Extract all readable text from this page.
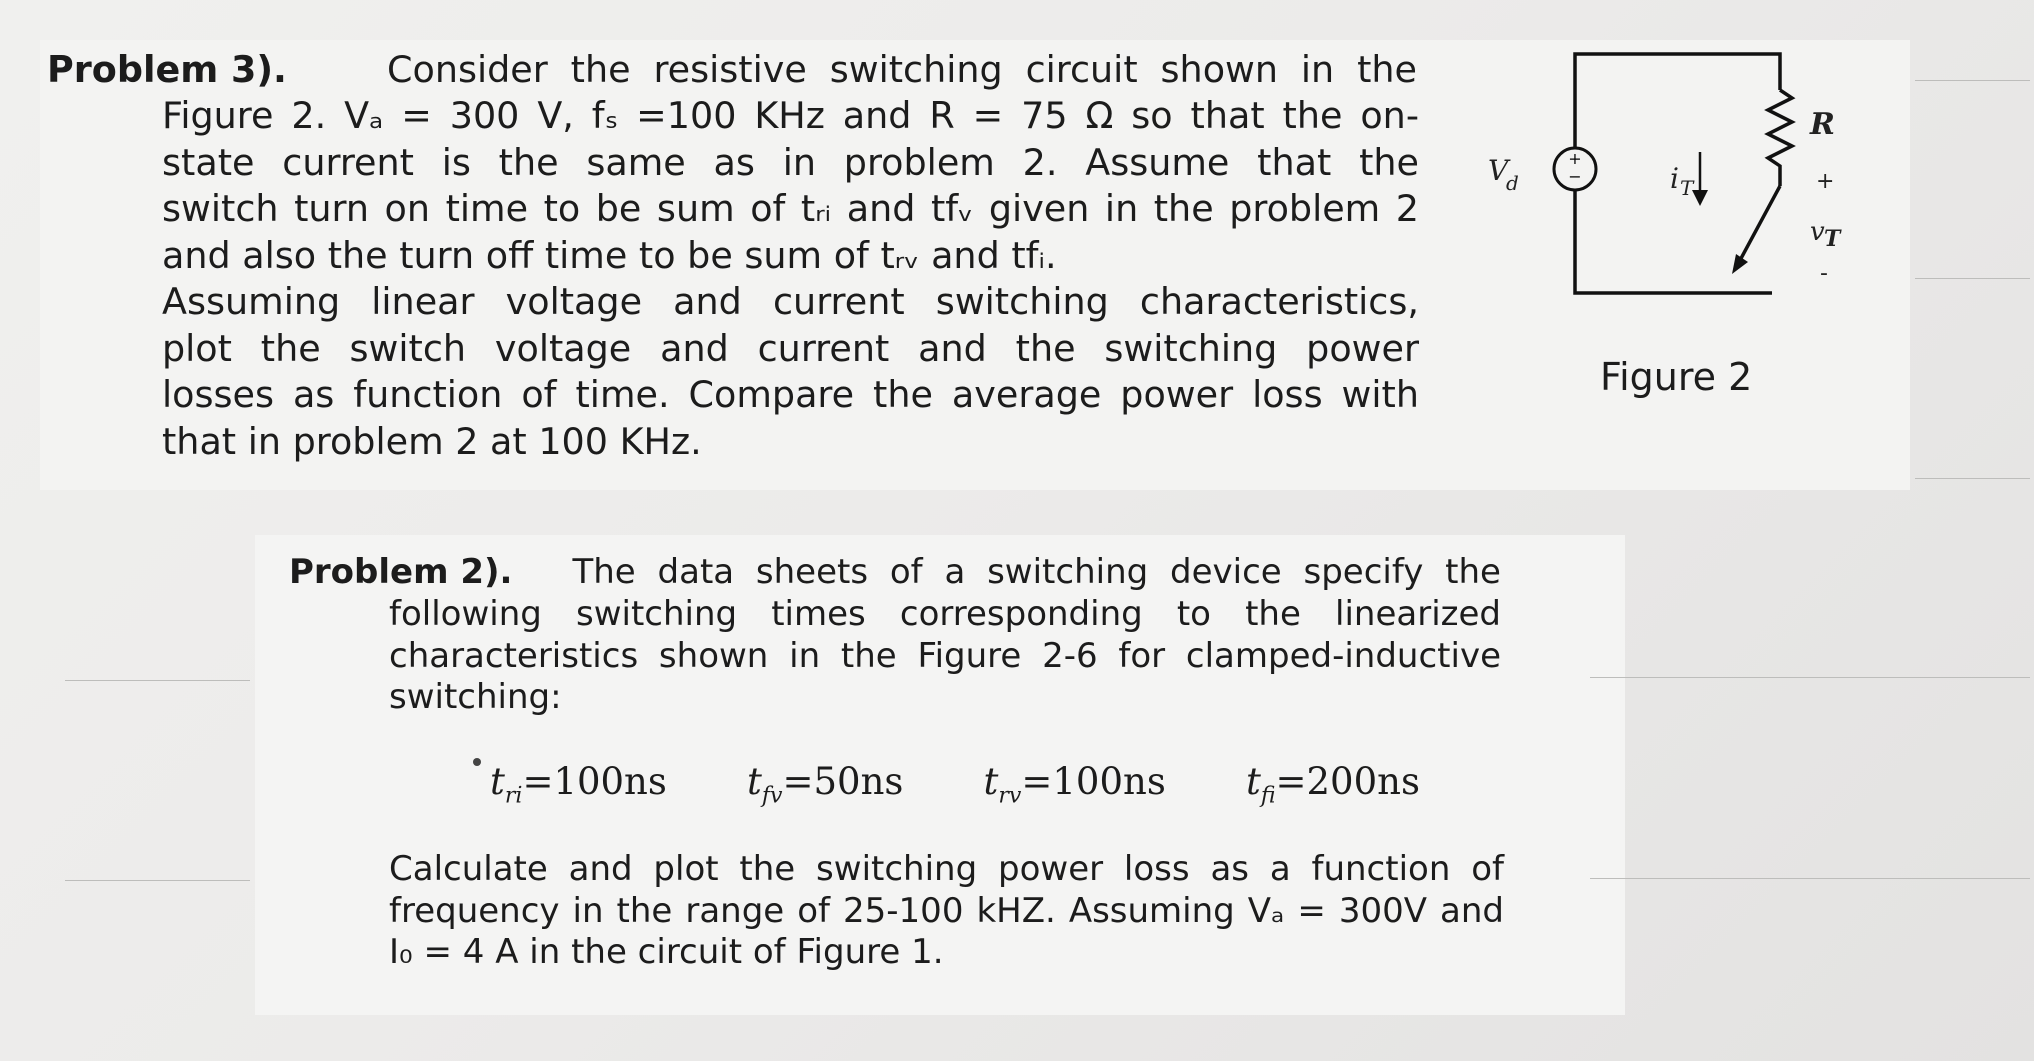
Problem 3).	Consider the resistive switching circuit shown in the
Figure 2. Vₐ = 300 V, fₛ =100 KHz and R = 75 Ω so that the on-
state current is the same as in problem 2. Assume that the
switch turn on time to be sum of tᵣᵢ and tfᵥ given in the problem 2
and also the turn off time to be sum of tᵣᵥ and tfᵢ.
Assuming linear voltage and current switching characteristics,
plot the switch voltage and current and the switching power
losses as function of time. Compare the average power loss with
that in problem 2 at 100 KHz.
+
−
V
d	i T
R
+
v T
-
Figure 2
Problem 2). The data sheets of a switching device specify the
following switching times corresponding to the linearized
characteristics shown in the Figure 2-6 for clamped-inductive
switching:
$t_{ri}=100ns$ $t_{fv}=50ns$ $t_{rv}=100ns$ $t_{fi}=200ns$
Calculate and plot the switching power loss as a function of
frequency in the range of 25-100 kHZ. Assuming Vₐ = 300V and
I₀ = 4 A in the circuit of Figure 1.
